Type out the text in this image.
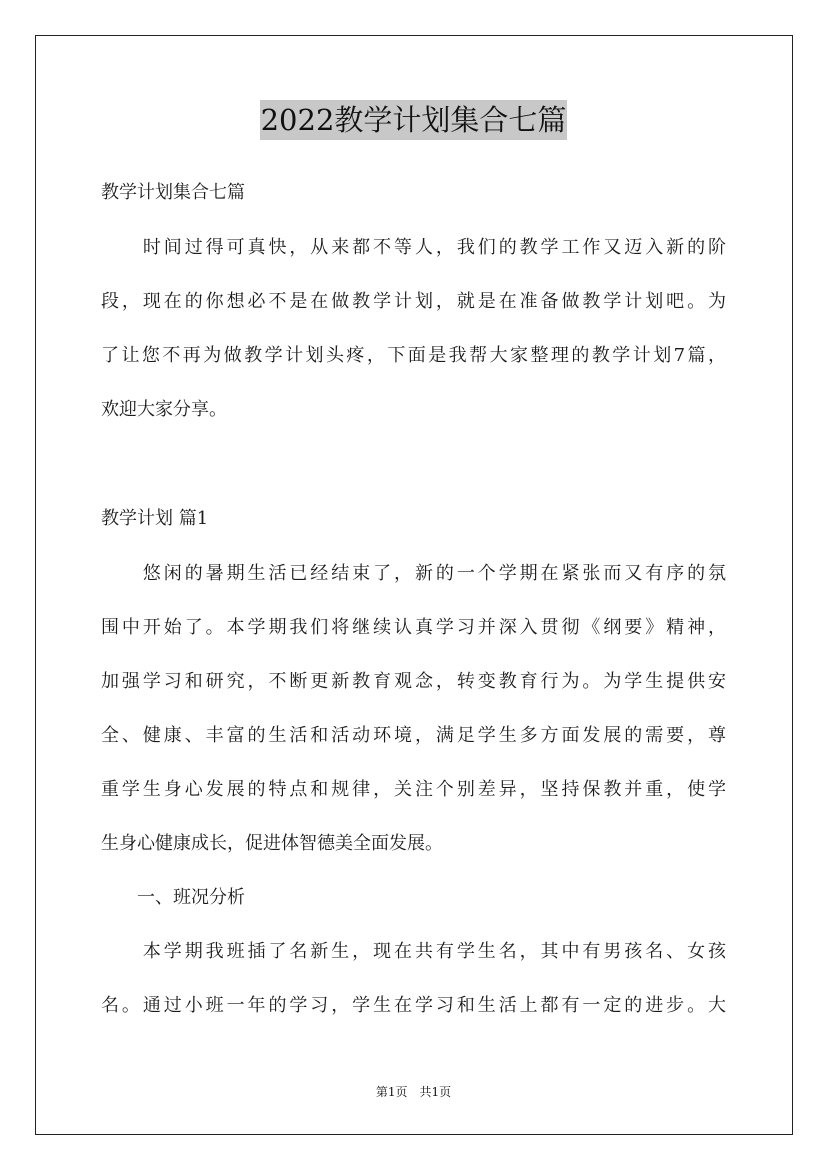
2022教学计划集合七篇
教学计划集合七篇
　　时间过得可真快，从来都不等人，我们的教学工作又迈入新的阶
段，现在的你想必不是在做教学计划，就是在准备做教学计划吧。为
了让您不再为做教学计划头疼，下面是我帮大家整理的教学计划7篇，
欢迎大家分享。
教学计划 篇1
　　悠闲的暑期生活已经结束了，新的一个学期在紧张而又有序的氛
围中开始了。本学期我们将继续认真学习并深入贯彻《纲要》精神，
加强学习和研究，不断更新教育观念，转变教育行为。为学生提供安
全、健康、丰富的生活和活动环境，满足学生多方面发展的需要，尊
重学生身心发展的特点和规律，关注个别差异，坚持保教并重，使学
生身心健康成长，促进体智德美全面发展。
　　一、班况分析
　　本学期我班插了名新生，现在共有学生名，其中有男孩名、女孩
名。通过小班一年的学习，学生在学习和生活上都有一定的进步。大
第1页　共1页
